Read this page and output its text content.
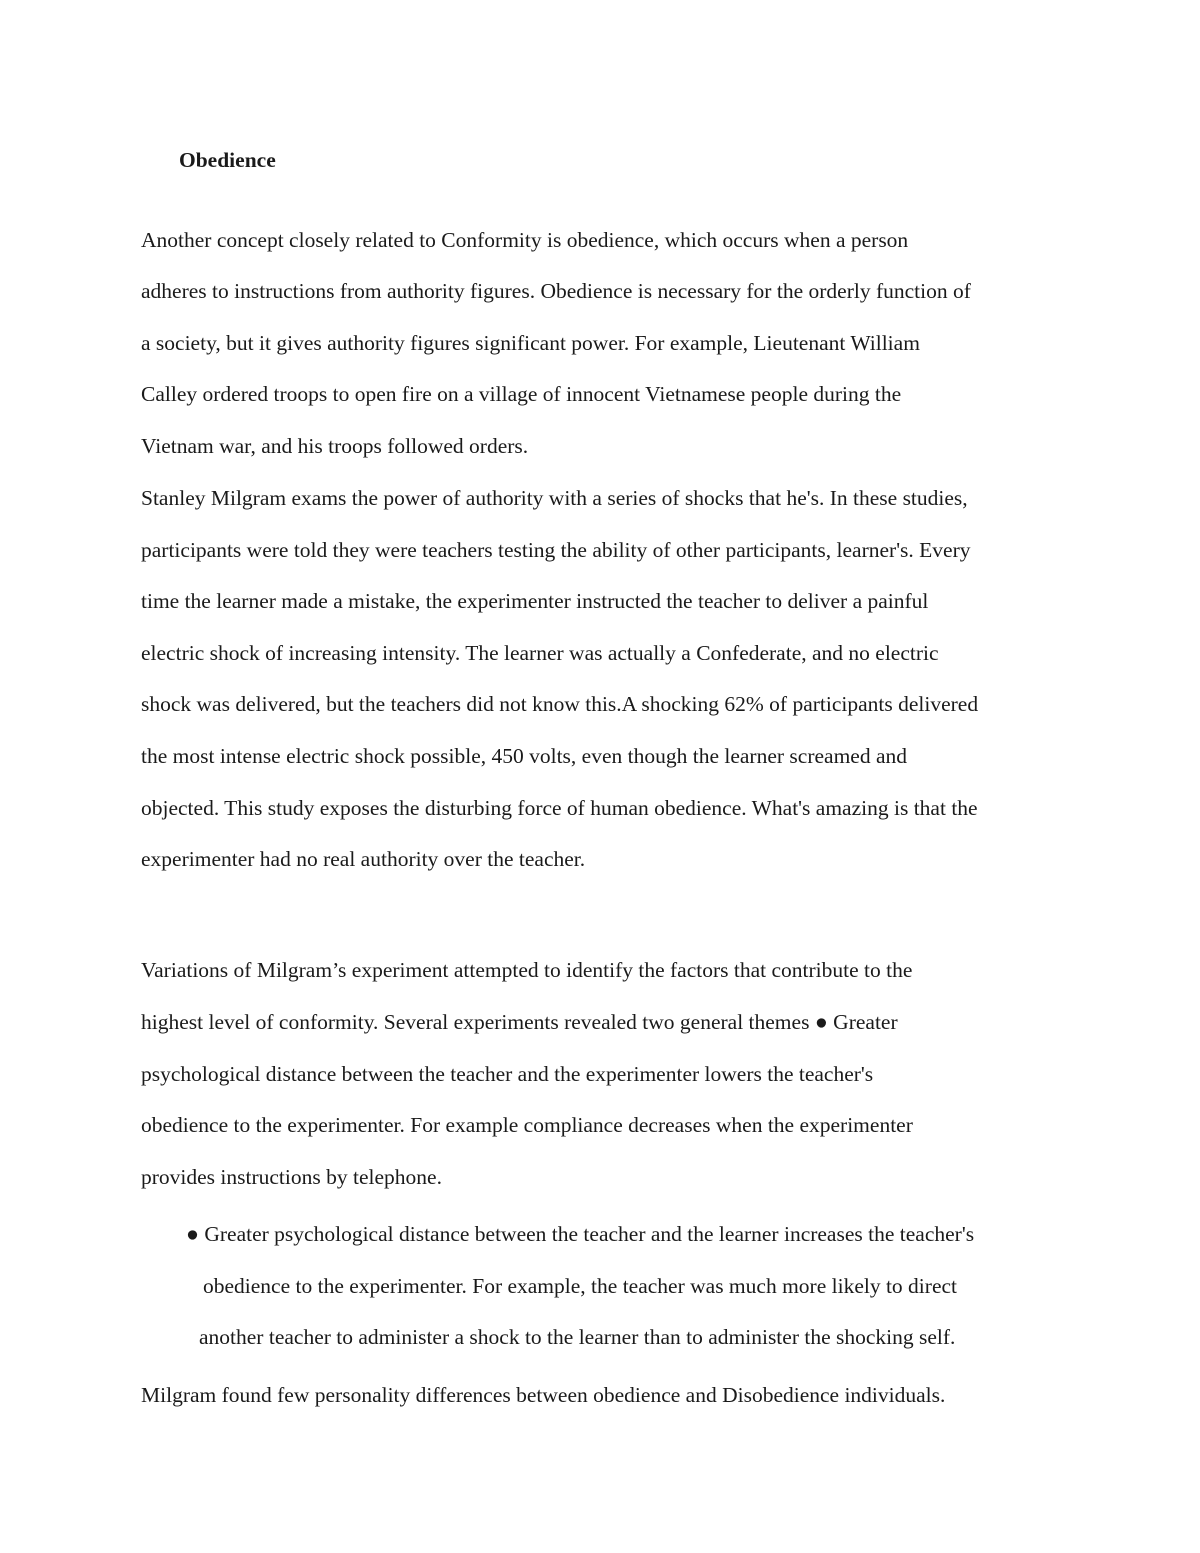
Obedience
Another concept closely related to Conformity is obedience, which occurs when a person
adheres to instructions from authority figures. Obedience is necessary for the orderly function of
a society, but it gives authority figures significant power. For example, Lieutenant William
Calley ordered troops to open fire on a village of innocent Vietnamese people during the
Vietnam war, and his troops followed orders.
Stanley Milgram exams the power of authority with a series of shocks that he's. In these studies,
participants were told they were teachers testing the ability of other participants, learner's. Every
time the learner made a mistake, the experimenter instructed the teacher to deliver a painful
electric shock of increasing intensity. The learner was actually a Confederate, and no electric
shock was delivered, but the teachers did not know this.A shocking 62% of participants delivered
the most intense electric shock possible, 450 volts, even though the learner screamed and
objected. This study exposes the disturbing force of human obedience. What's amazing is that the
experimenter had no real authority over the teacher.
Variations of Milgram’s experiment attempted to identify the factors that contribute to the
highest level of conformity. Several experiments revealed two general themes ● Greater
psychological distance between the teacher and the experimenter lowers the teacher's
obedience to the experimenter. For example compliance decreases when the experimenter
provides instructions by telephone.
● Greater psychological distance between the teacher and the learner increases the teacher's
obedience to the experimenter. For example, the teacher was much more likely to direct
another teacher to administer a shock to the learner than to administer the shocking self.
Milgram found few personality differences between obedience and Disobedience individuals.
